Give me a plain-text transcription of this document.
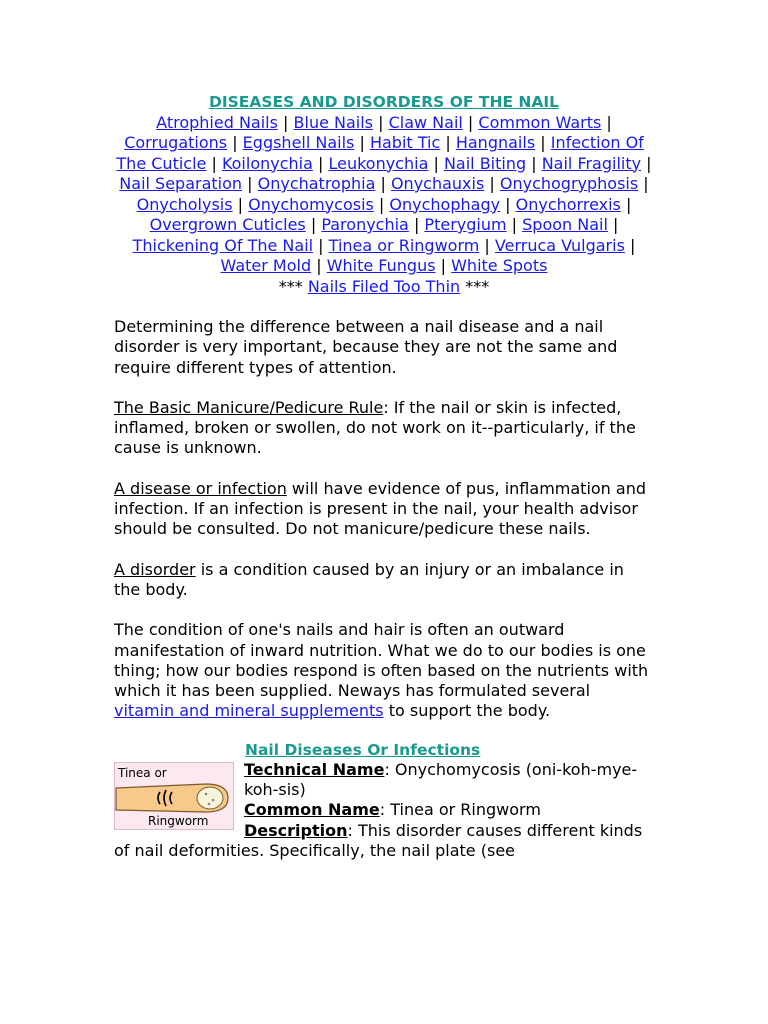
DISEASES AND DISORDERS OF THE NAIL
Atrophied Nails | Blue Nails | Claw Nail | Common Warts | Corrugations | Eggshell Nails | Habit Tic | Hangnails | Infection Of The Cuticle | Koilonychia | Leukonychia | Nail Biting | Nail Fragility | Nail Separation | Onychatrophia | Onychauxis | Onychogryphosis | Onycholysis | Onychomycosis | Onychophagy | Onychorrexis | Overgrown Cuticles | Paronychia | Pterygium | Spoon Nail | Thickening Of The Nail | Tinea or Ringworm | Verruca Vulgaris | Water Mold | White Fungus | White Spots
*** Nails Filed Too Thin ***

Determining the difference between a nail disease and a nail disorder is very important, because they are not the same and require different types of attention.

The Basic Manicure/Pedicure Rule: If the nail or skin is infected, inflamed, broken or swollen, do not work on it--particularly, if the cause is unknown.

A disease or infection will have evidence of pus, inflammation and infection. If an infection is present in the nail, your health advisor should be consulted. Do not manicure/pedicure these nails.

A disorder is a condition caused by an injury or an imbalance in the body.

The condition of one's nails and hair is often an outward manifestation of inward nutrition. What we do to our bodies is one thing; how our bodies respond is often based on the nutrients with which it has been supplied. Neways has formulated several vitamin and mineral supplements to support the body.

Nail Diseases Or Infections
Tinea or
Ringworm
Technical Name: Onychomycosis (oni-koh-mye-koh-sis)
Common Name: Tinea or Ringworm
Description: This disorder causes different kinds of nail deformities. Specifically, the nail plate (see
